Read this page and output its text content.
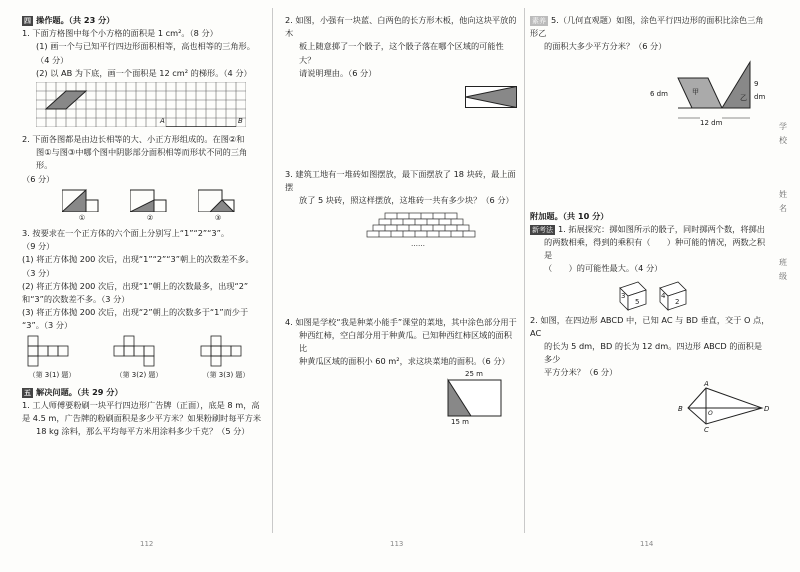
四 操作题。（共 23 分）

1. 下面方格图中每个小方格的面积是 1 cm²。（8 分）

(1) 画一个与已知平行四边形面积相等，高也相等的三角形。

（4 分）

(2) 以 AB 为下底，画一个面积是 12 cm² 的梯形。（4 分）

A	B

2. 下面各图都是由边长相等的大、小正方形组成的。在图②和

图①与图③中哪个图中阴影部分面积相等而形状不同的三角形。

（6 分）

①	②	③

3. 按要求在一个正方体的六个面上分别写上“1”“2”“3”。

（9 分）

(1) 将正方体抛 200 次后，出现“1”“2”“3”朝上的次数差不多。

（3 分）

(2) 将正方体抛 200 次后，出现“1”朝上的次数最多，出现“2”

和“3”的次数差不多。（3 分）

(3) 将正方体抛 200 次后，出现“2”朝上的次数多于“1”而少于

“3”。（3 分）

（第 3(1) 题）	（第 3(2) 题）	（第 3(3) 题）

五 解决问题。（共 29 分）

1. 工人师傅要粉刷一块平行四边形广告牌（正面），底是 8 m，高

是 4.5 m，广告牌的粉刷面积是多少平方米？如果粉刷时每平方米

18 kg 涂料，那么平均每平方米用涂料多少千克？（5 分）

2. 如图，小强有一块蓝、白两色的长方形木板，他向这块平放的木

板上随意掷了一个骰子，这个骰子落在哪个区域的可能性大？

请说明理由。（6 分）

3. 建筑工地有一堆砖如图摆放，最下面摆放了 18 块砖，最上面摆

放了 5 块砖，照这样摆放，这堆砖一共有多少块？（6 分）

……

4. 如图是学校“我是种菜小能手”课堂的菜地，其中涂色部分用于

种西红柿，空白部分用于种黄瓜。已知种西红柿区域的面积比

种黄瓜区域的面积小 60 m²，求这块菜地的面积。（6 分）

25 m
15 m

素养 5.（几何直观题）如图，涂色平行四边形的面积比涂色三角形乙

的面积大多少平方分米？（6 分）

6 dm
9 dm
12 dm
甲
乙

附加题。（共 10 分）

新考法 1. 拓展探究：掷如图所示的骰子，同时掷两个数，将掷出

的两数相乘，得到的乘积有（　　）种可能的情况，两数之积是

（　　）的可能性最大。（4 分）

5
3
2
4

2. 如图，在四边形 ABCD 中，已知 AC 与 BD 垂直，交于 O 点，AC

的长为 5 dm，BD 的长为 12 dm。四边形 ABCD 的面积是多少

平方分米？（6 分）

A
B
C
D
O
112	113	114
学
校
姓
名
班
级
